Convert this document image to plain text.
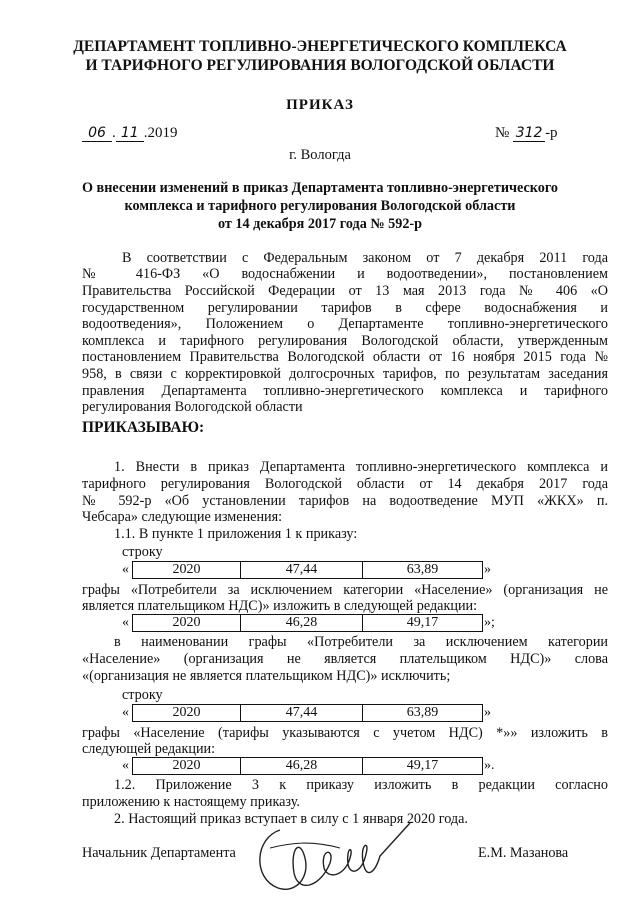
ДЕПАРТАМЕНТ ТОПЛИВНО-ЭНЕРГЕТИЧЕСКОГО КОМПЛЕКСА
И ТАРИФНОГО РЕГУЛИРОВАНИЯ ВОЛОГОДСКОЙ ОБЛАСТИ
ПРИКАЗ
06 . 11 .2019	№ 312 -р
г. Вологда
О внесении изменений в приказ Департамента топливно-энергетического
комплекса и тарифного регулирования Вологодской области
от 14 декабря 2017 года № 592-р
В соответствии с Федеральным законом от 7 декабря 2011 года
№ 416-ФЗ «О водоснабжении и водоотведении», постановлением
Правительства Российской Федерации от 13 мая 2013 года № 406 «О
государственном регулировании тарифов в сфере водоснабжения и
водоотведения», Положением о Департаменте топливно-энергетического
комплекса и тарифного регулирования Вологодской области, утвержденным
постановлением Правительства Вологодской области от 16 ноября 2015 года №
958, в связи с корректировкой долгосрочных тарифов, по результатам заседания
правления Департамента топливно-энергетического комплекса и тарифного
регулирования Вологодской области
ПРИКАЗЫВАЮ:
1. Внести в приказ Департамента топливно-энергетического комплекса и
тарифного регулирования Вологодской области от 14 декабря 2017 года
№ 592-р «Об установлении тарифов на водоотведение МУП «ЖКХ» п.
Чебсара» следующие изменения:
1.1. В пункте 1 приложения 1 к приказу:
строку
«	2020	47,44	63,89	»
графы «Потребители за исключением категории «Население» (организация не
является плательщиком НДС)» изложить в следующей редакции:
«	2020	46,28	49,17	»;
в наименовании графы «Потребители за исключением категории
«Население» (организация не является плательщиком НДС)» слова
«(организация не является плательщиком НДС)» исключить;
строку
«	2020	47,44	63,89	»
графы «Население (тарифы указываются с учетом НДС) *»» изложить в
следующей редакции:
«	2020	46,28	49,17	».
1.2. Приложение 3 к приказу изложить в редакции согласно
приложению к настоящему приказу.
2. Настоящий приказ вступает в силу с 1 января 2020 года.
Начальник Департамента	Е.М. Мазанова
